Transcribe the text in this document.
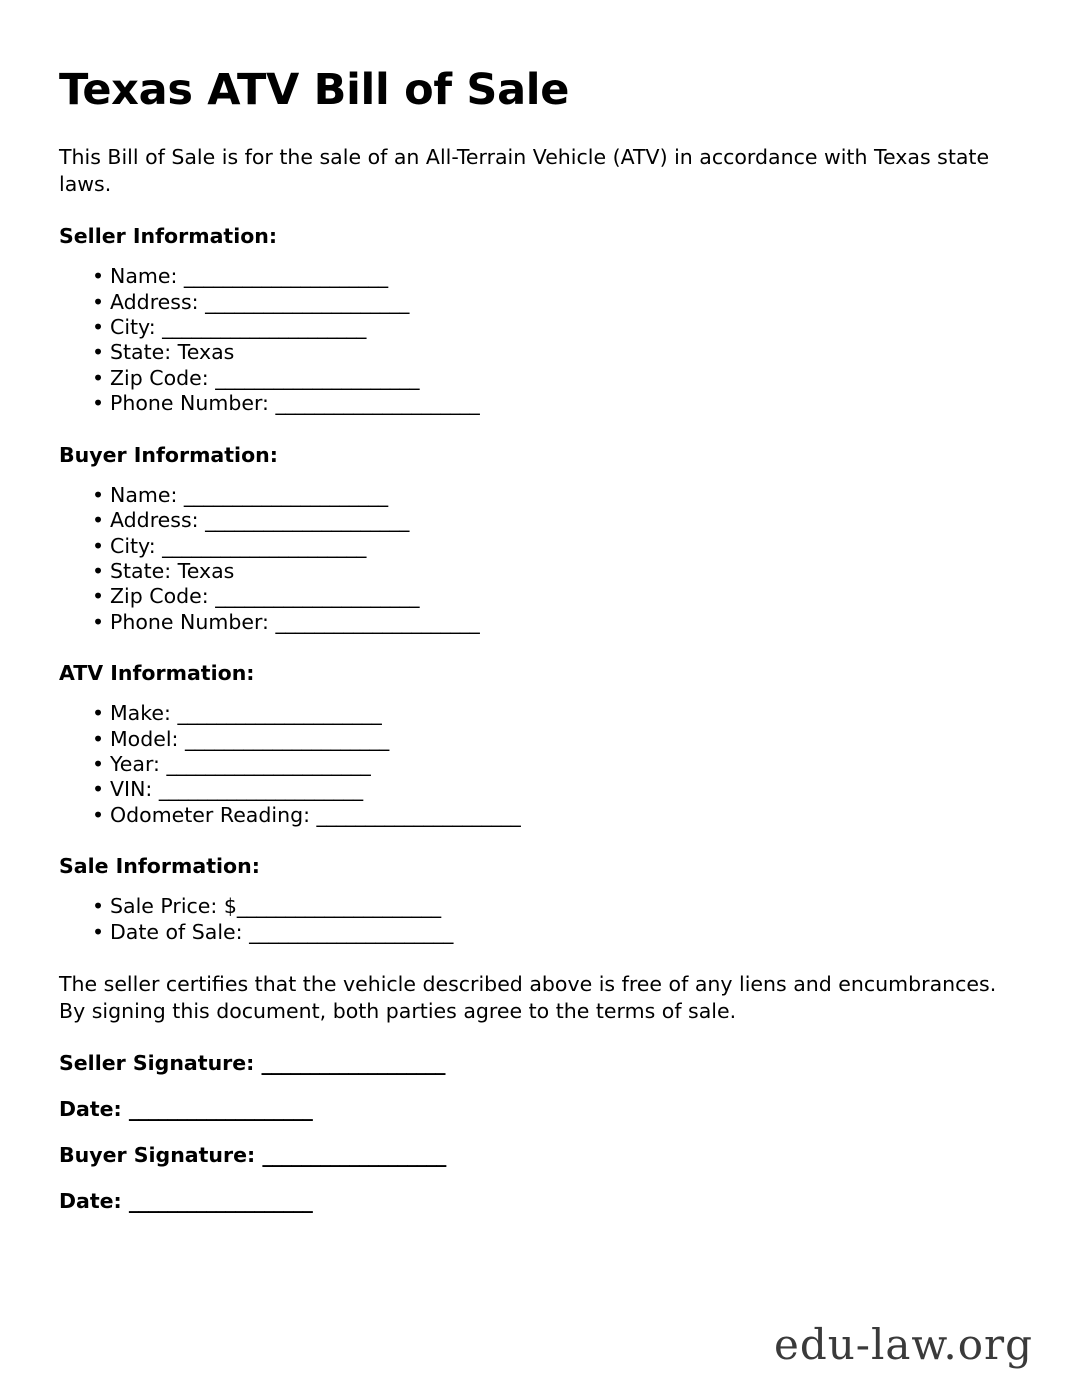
Texas ATV Bill of Sale

This Bill of Sale is for the sale of an All-Terrain Vehicle (ATV) in accordance with Texas state laws.

Seller Information:
• Name: _____________________
• Address: _____________________
• City: _____________________
• State: Texas
• Zip Code: _____________________
• Phone Number: _____________________
Buyer Information:
• Name: _____________________
• Address: _____________________
• City: _____________________
• State: Texas
• Zip Code: _____________________
• Phone Number: _____________________
ATV Information:
• Make: _____________________
• Model: _____________________
• Year: _____________________
• VIN: _____________________
• Odometer Reading: _____________________
Sale Information:
• Sale Price: $_____________________
• Date of Sale: _____________________

The seller certifies that the vehicle described above is free of any liens and encumbrances. By signing this document, both parties agree to the terms of sale.

Seller Signature: ___________________
Date: ___________________
Buyer Signature: ___________________
Date: ___________________
edu-law.org
